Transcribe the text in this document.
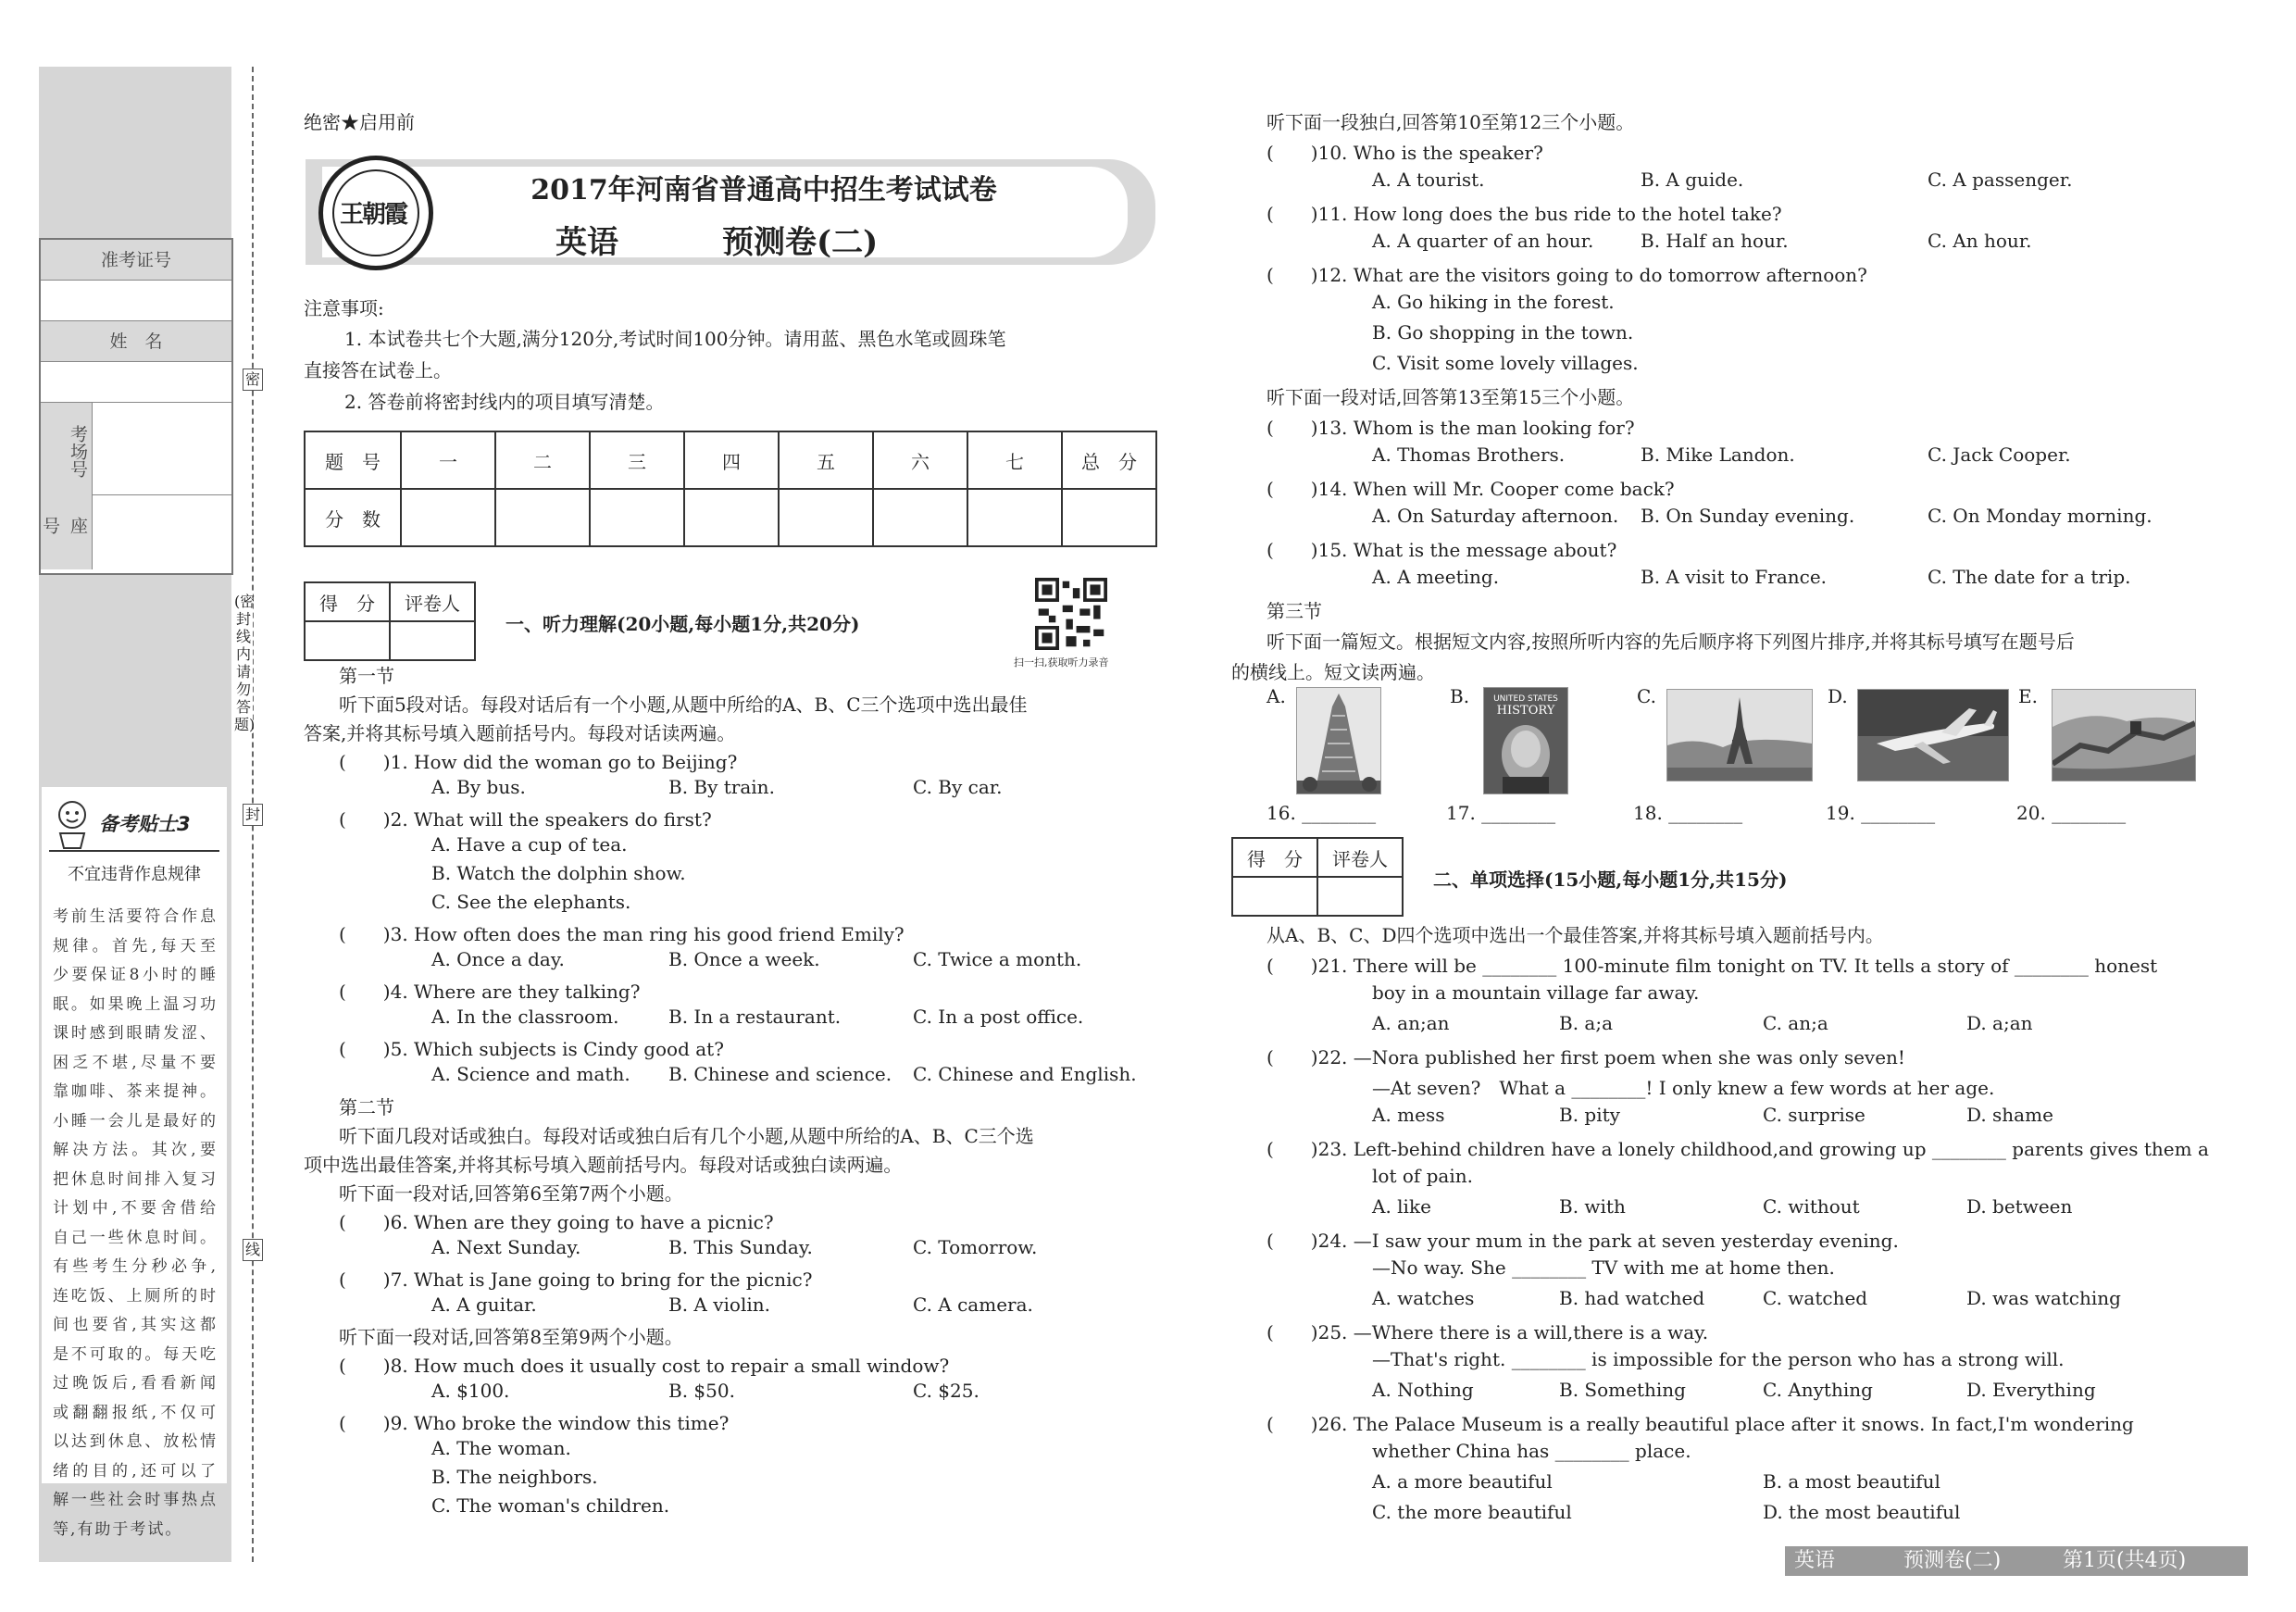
准考证号
姓　名
考场号
座号
备考贴士3
不宜违背作息规律
考前生活要符合作息规律。首先,每天至少要保证8小时的睡眠。如果晚上温习功课时感到眼睛发涩、困乏不堪,尽量不要靠咖啡、茶来提神。小睡一会儿是最好的解决方法。其次,要把休息时间排入复习计划中,不要舍借给自己一些休息时间。有些考生分秒必争,连吃饭、上厕所的时间也要省,其实这都是不可取的。每天吃过晚饭后,看看新闻或翻翻报纸,不仅可以达到休息、放松情绪的目的,还可以了解一些社会时事热点等,有助于考试。
密
封
线
(密封线内请勿答题)
绝密★启用前
王朝霞
2017年河南省普通高中招生考试试卷
英语	预测卷(二)
注意事项:
1. 本试卷共七个大题,满分120分,考试时间100分钟。请用蓝、黑色水笔或圆珠笔
直接答在试卷上。
2. 答卷前将密封线内的项目填写清楚。
题　号	一	二	三	四	五	六	七	总　分
分　数								
得　分	评卷人

一、听力理解(20小题,每小题1分,共20分)
扫一扫,获取听力录音
第一节
听下面5段对话。每段对话后有一个小题,从题中所给的A、B、C三个选项中选出最佳
答案,并将其标号填入题前括号内。每段对话读两遍。
(　　)1. How did the woman go to Beijing?
A. By bus.	B. By train.	C. By car.
(　　)2. What will the speakers do first?
A. Have a cup of tea.
B. Watch the dolphin show.
C. See the elephants.
(　　)3. How often does the man ring his good friend Emily?
A. Once a day.	B. Once a week.	C. Twice a month.
(　　)4. Where are they talking?
A. In the classroom.	B. In a restaurant.	C. In a post office.
(　　)5. Which subjects is Cindy good at?
A. Science and math. B. Chinese and science. C. Chinese and English.
第二节
听下面几段对话或独白。每段对话或独白后有几个小题,从题中所给的A、B、C三个选
项中选出最佳答案,并将其标号填入题前括号内。每段对话或独白读两遍。
听下面一段对话,回答第6至第7两个小题。
(　　)6. When are they going to have a picnic?
A. Next Sunday.	B. This Sunday.	C. Tomorrow.
(　　)7. What is Jane going to bring for the picnic?
A. A guitar.	B. A violin.	C. A camera.
听下面一段对话,回答第8至第9两个小题。
(　　)8. How much does it usually cost to repair a small window?
A. $100.	B. $50.	C. $25.
(　　)9. Who broke the window this time?
A. The woman.
B. The neighbors.
C. The woman's children.
听下面一段独白,回答第10至第12三个小题。
(　　)10. Who is the speaker?
A. A tourist.	B. A guide.	C. A passenger.
(　　)11. How long does the bus ride to the hotel take?
A. A quarter of an hour.	B. Half an hour.	C. An hour.
(　　)12. What are the visitors going to do tomorrow afternoon?
A. Go hiking in the forest.
B. Go shopping in the town.
C. Visit some lovely villages.
听下面一段对话,回答第13至第15三个小题。
(　　)13. Whom is the man looking for?
A. Thomas Brothers.	B. Mike Landon.	C. Jack Cooper.
(　　)14. When will Mr. Cooper come back?
A. On Saturday afternoon. B. On Sunday evening.	C. On Monday morning.
(　　)15. What is the message about?
A. A meeting.	B. A visit to France.	C. The date for a trip.
第三节
听下面一篇短文。根据短文内容,按照所听内容的先后顺序将下列图片排序,并将其标号填写在题号后
的横线上。短文读两遍。
A.	B.	UNITED STATES
HISTORY
C.	D.	E.
16. ________	17. ________	18. ________	19. ________	20. ________
得　分	评卷人

二、单项选择(15小题,每小题1分,共15分)
从A、B、C、D四个选项中选出一个最佳答案,并将其标号填入题前括号内。
(　　)21. There will be ________ 100-minute film tonight on TV. It tells a story of ________ honest
boy in a mountain village far away.
A. an;an	B. a;a	C. an;a	D. a;an
(　　)22. —Nora published her first poem when she was only seven!
—At seven?　What a ________! I only knew a few words at her age.
A. mess	B. pity	C. surprise	D. shame
(　　)23. Left-behind children have a lonely childhood,and growing up ________ parents gives them a
lot of pain.
A. like	B. with	C. without	D. between
(　　)24. —I saw your mum in the park at seven yesterday evening.
—No way. She ________ TV with me at home then.
A. watches	B. had watched	C. watched	D. was watching
(　　)25. —Where there is a will,there is a way.
—That's right. ________ is impossible for the person who has a strong will.
A. Nothing	B. Something	C. Anything	D. Everything
(　　)26. The Palace Museum is a really beautiful place after it snows. In fact,I'm wondering
whether China has ________ place.
A. a more beautiful	B. a most beautiful
C. the more beautiful	D. the most beautiful
英语	预测卷(二)	第1页(共4页)
